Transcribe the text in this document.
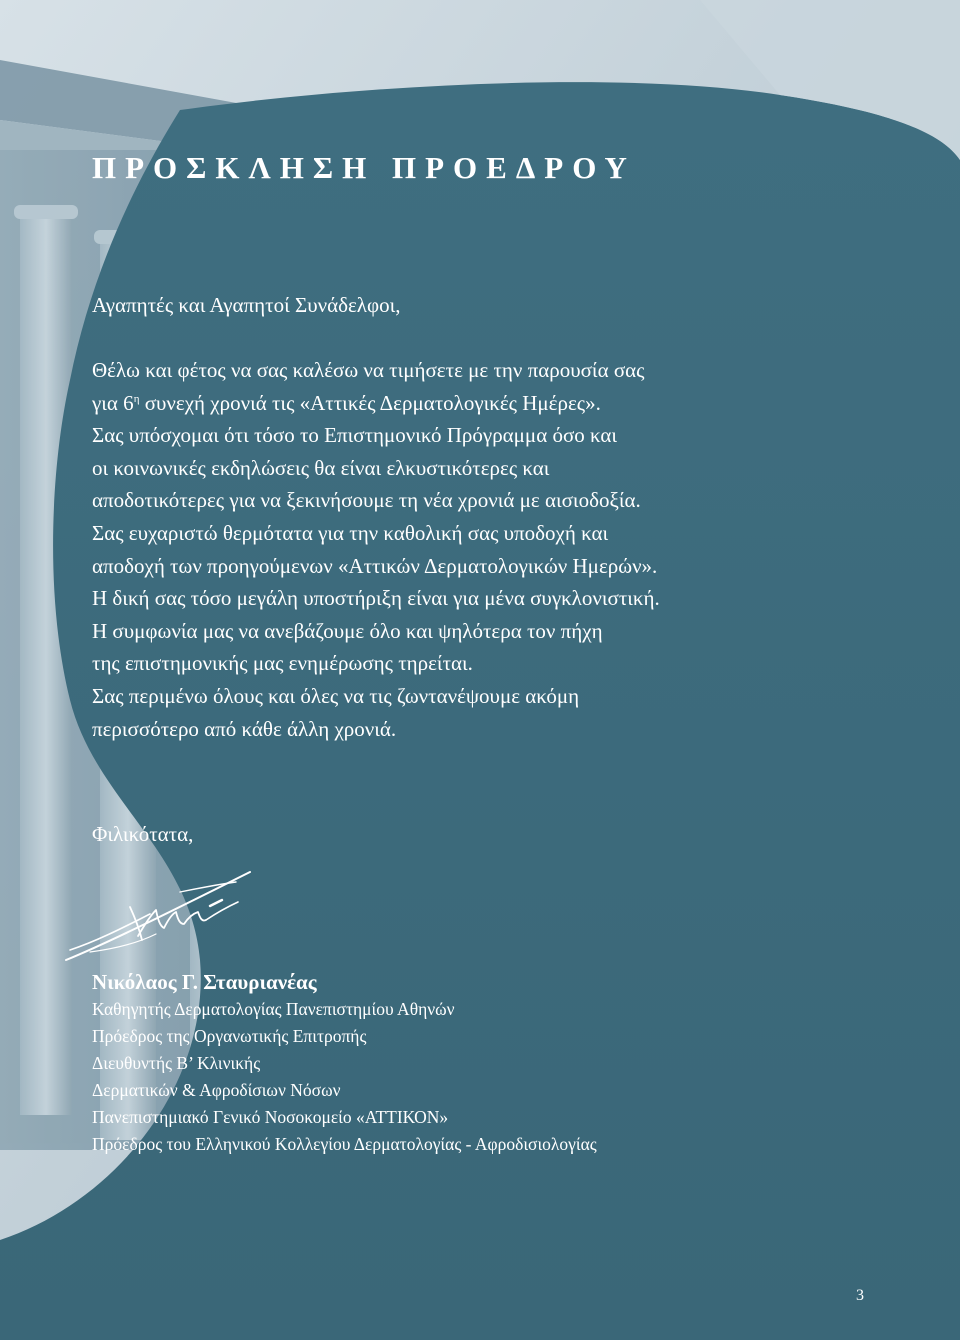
ΠΡΟΣΚΛΗΣΗ ΠΡΟΕΔΡΟΥ

Αγαπητές και Αγαπητοί Συνάδελφοι,

Θέλω και φέτος να σας καλέσω να τιμήσετε με την παρουσία σας
για $6^\eta$ συνεχή χρονιά τις «Αττικές Δερματολογικές Ημέρες».
Σας υπόσχομαι ότι τόσο το Επιστημονικό Πρόγραμμα όσο και
οι κοινωνικές εκδηλώσεις θα είναι ελκυστικότερες και
αποδοτικότερες για να ξεκινήσουμε τη νέα χρονιά με αισιοδοξία.
Σας ευχαριστώ θερμότατα για την καθολική σας υποδοχή και
αποδοχή των προηγούμενων «Αττικών Δερματολογικών Ημερών».
Η δική σας τόσο μεγάλη υποστήριξη είναι για μένα συγκλονιστική.
Η συμφωνία μας να ανεβάζουμε όλο και ψηλότερα τον πήχη
της επιστημονικής μας ενημέρωσης τηρείται.
Σας περιμένω όλους και όλες να τις ζωντανέψουμε ακόμη
περισσότερο από κάθε άλλη χρονιά.

Φιλικότατα,

Νικόλαος Γ. Σταυριανέας

Καθηγητής Δερματολογίας Πανεπιστημίου Αθηνών
Πρόεδρος της Οργανωτικής Επιτροπής
Διευθυντής Β’ Κλινικής
Δερματικών & Αφροδίσιων Νόσων
Πανεπιστημιακό Γενικό Νοσοκομείο «ΑΤΤΙΚΟΝ»
Πρόεδρος του Ελληνικού Κολλεγίου Δερματολογίας - Αφροδισιολογίας

3
